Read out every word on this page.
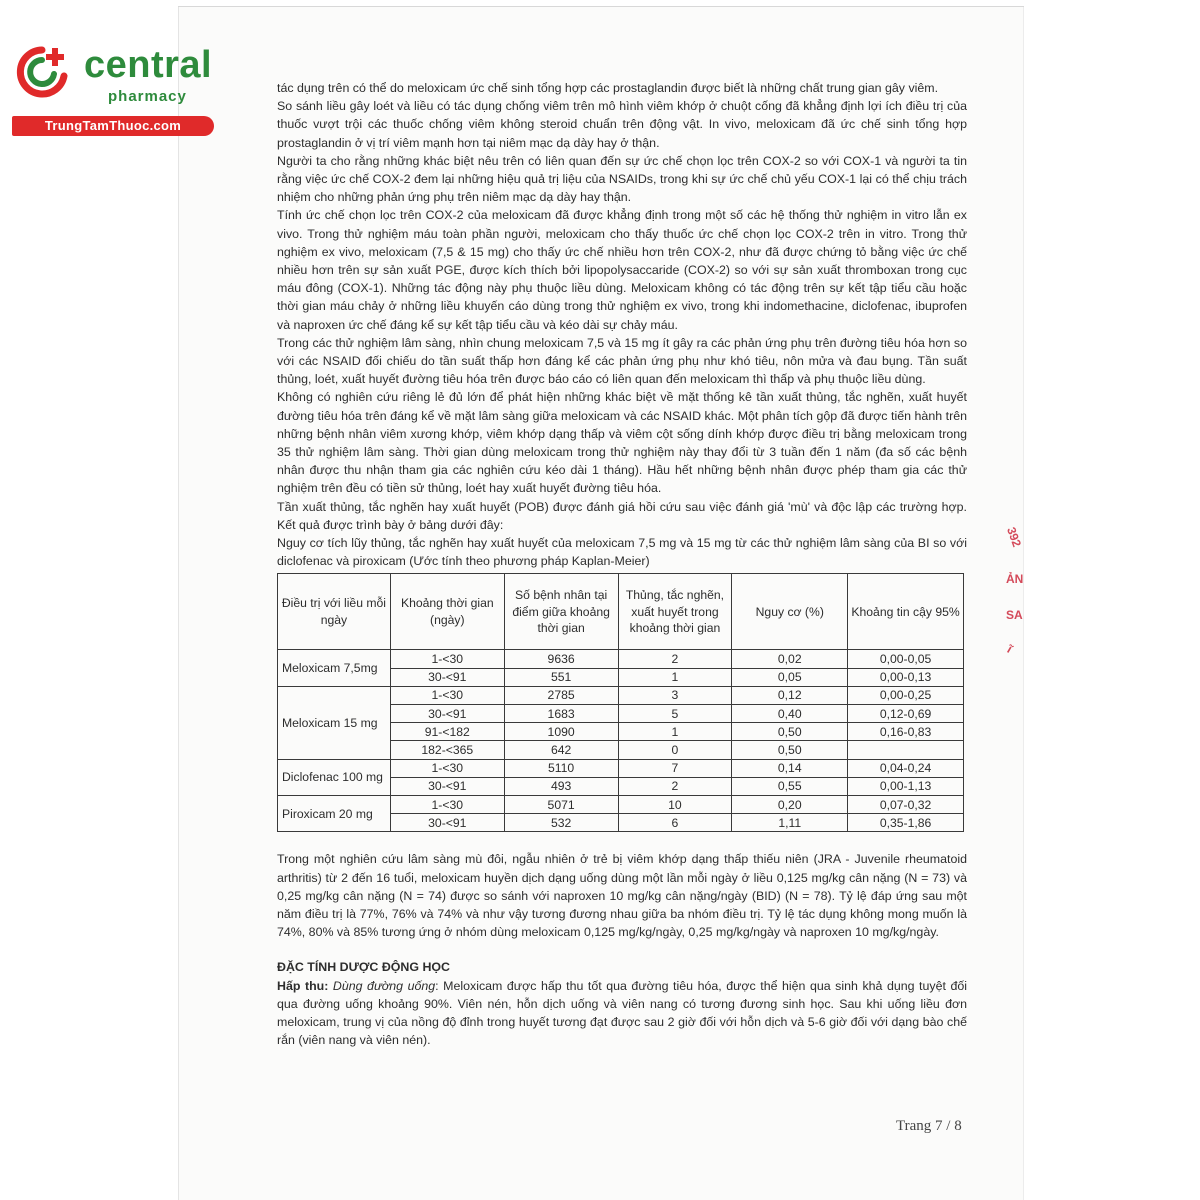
central
pharmacy
TrungTamThuoc.com
392
ẢN
SA
ĩ

tác dụng trên có thể do meloxicam ức chế sinh tổng hợp các prostaglandin được biết là những chất trung gian gây viêm.

So sánh liều gây loét và liều có tác dụng chống viêm trên mô hình viêm khớp ở chuột cống đã khẳng định lợi ích điều trị của thuốc vượt trội các thuốc chống viêm không steroid chuẩn trên động vật. In vivo, meloxicam đã ức chế sinh tổng hợp prostaglandin ở vị trí viêm mạnh hơn tại niêm mạc dạ dày hay ở thận.

Người ta cho rằng những khác biệt nêu trên có liên quan đến sự ức chế chọn lọc trên COX-2 so với COX-1 và người ta tin rằng việc ức chế COX-2 đem lại những hiệu quả trị liệu của NSAIDs, trong khi sự ức chế chủ yếu COX-1 lại có thể chịu trách nhiệm cho những phản ứng phụ trên niêm mạc dạ dày hay thận.

Tính ức chế chọn lọc trên COX-2 của meloxicam đã được khẳng định trong một số các hệ thống thử nghiệm in vitro lẫn ex vivo. Trong thử nghiệm máu toàn phần người, meloxicam cho thấy thuốc ức chế chọn lọc COX-2 trên in vitro. Trong thử nghiệm ex vivo, meloxicam (7,5 & 15 mg) cho thấy ức chế nhiều hơn trên COX-2, như đã được chứng tỏ bằng việc ức chế nhiều hơn trên sự sản xuất PGE, được kích thích bởi lipopolysaccaride (COX-2) so với sự sản xuất thromboxan trong cục máu đông (COX-1). Những tác động này phụ thuộc liều dùng. Meloxicam không có tác động trên sự kết tập tiểu cầu hoặc thời gian máu chảy ở những liều khuyến cáo dùng trong thử nghiệm ex vivo, trong khi indomethacine, diclofenac, ibuprofen và naproxen ức chế đáng kể sự kết tập tiểu cầu và kéo dài sự chảy máu.

Trong các thử nghiệm lâm sàng, nhìn chung meloxicam 7,5 và 15 mg ít gây ra các phản ứng phụ trên đường tiêu hóa hơn so với các NSAID đối chiếu do tần suất thấp hơn đáng kể các phản ứng phụ như khó tiêu, nôn mửa và đau bụng. Tần suất thủng, loét, xuất huyết đường tiêu hóa trên được báo cáo có liên quan đến meloxicam thì thấp và phụ thuộc liều dùng.

Không có nghiên cứu riêng lẻ đủ lớn để phát hiện những khác biệt về mặt thống kê tần xuất thủng, tắc nghẽn, xuất huyết đường tiêu hóa trên đáng kể về mặt lâm sàng giữa meloxicam và các NSAID khác. Một phân tích gộp đã được tiến hành trên những bệnh nhân viêm xương khớp, viêm khớp dạng thấp và viêm cột sống dính khớp được điều trị bằng meloxicam trong 35 thử nghiệm lâm sàng. Thời gian dùng meloxicam trong thử nghiệm này thay đổi từ 3 tuần đến 1 năm (đa số các bệnh nhân được thu nhận tham gia các nghiên cứu kéo dài 1 tháng). Hầu hết những bệnh nhân được phép tham gia các thử nghiệm trên đều có tiền sử thủng, loét hay xuất huyết đường tiêu hóa.

Tần xuất thủng, tắc nghẽn hay xuất huyết (POB) được đánh giá hồi cứu sau việc đánh giá 'mù' và độc lập các trường hợp. Kết quả được trình bày ở bảng dưới đây:

Nguy cơ tích lũy thủng, tắc nghẽn hay xuất huyết của meloxicam 7,5 mg và 15 mg từ các thử nghiệm lâm sàng của BI so với diclofenac và piroxicam (Ước tính theo phương pháp Kaplan-Meier)

Điều trị với liều mỗi ngày	Khoảng thời gian (ngày)	Số bệnh nhân tại điểm giữa khoảng thời gian	Thủng, tắc nghẽn, xuất huyết trong khoảng thời gian	Nguy cơ (%)	Khoảng tin cậy 95%
Meloxicam 7,5mg	1-<30	9636	2	0,02	0,00-0,05
	30-<91	551	1	0,05	0,00-0,13
Meloxicam 15 mg	1-<30	2785	3	0,12	0,00-0,25
	30-<91	1683	5	0,40	0,12-0,69
	91-<182	1090	1	0,50	0,16-0,83
	182-<365	642	0	0,50	
Diclofenac 100 mg	1-<30	5110	7	0,14	0,04-0,24
	30-<91	493	2	0,55	0,00-1,13
Piroxicam 20 mg	1-<30	5071	10	0,20	0,07-0,32
	30-<91	532	6	1,11	0,35-1,86

Trong một nghiên cứu lâm sàng mù đôi, ngẫu nhiên ở trẻ bị viêm khớp dạng thấp thiếu niên (JRA - Juvenile rheumatoid arthritis) từ 2 đến 16 tuổi, meloxicam huyền dịch dạng uống dùng một lần mỗi ngày ở liều 0,125 mg/kg cân nặng (N = 73) và 0,25 mg/kg cân nặng (N = 74) được so sánh với naproxen 10 mg/kg cân nặng/ngày (BID) (N = 78). Tỷ lệ đáp ứng sau một năm điều trị là 77%, 76% và 74% và như vậy tương đương nhau giữa ba nhóm điều trị. Tỷ lệ tác dụng không mong muốn là 74%, 80% và 85% tương ứng ở nhóm dùng meloxicam 0,125 mg/kg/ngày, 0,25 mg/kg/ngày và naproxen 10 mg/kg/ngày.

ĐẶC TÍNH DƯỢC ĐỘNG HỌC

Hấp thu: Dùng đường uống: Meloxicam được hấp thu tốt qua đường tiêu hóa, được thể hiện qua sinh khả dụng tuyệt đối qua đường uống khoảng 90%. Viên nén, hỗn dịch uống và viên nang có tương đương sinh học. Sau khi uống liều đơn meloxicam, trung vị của nồng độ đỉnh trong huyết tương đạt được sau 2 giờ đối với hỗn dịch và 5-6 giờ đối với dạng bào chế rắn (viên nang và viên nén).

Trang 7 / 8
